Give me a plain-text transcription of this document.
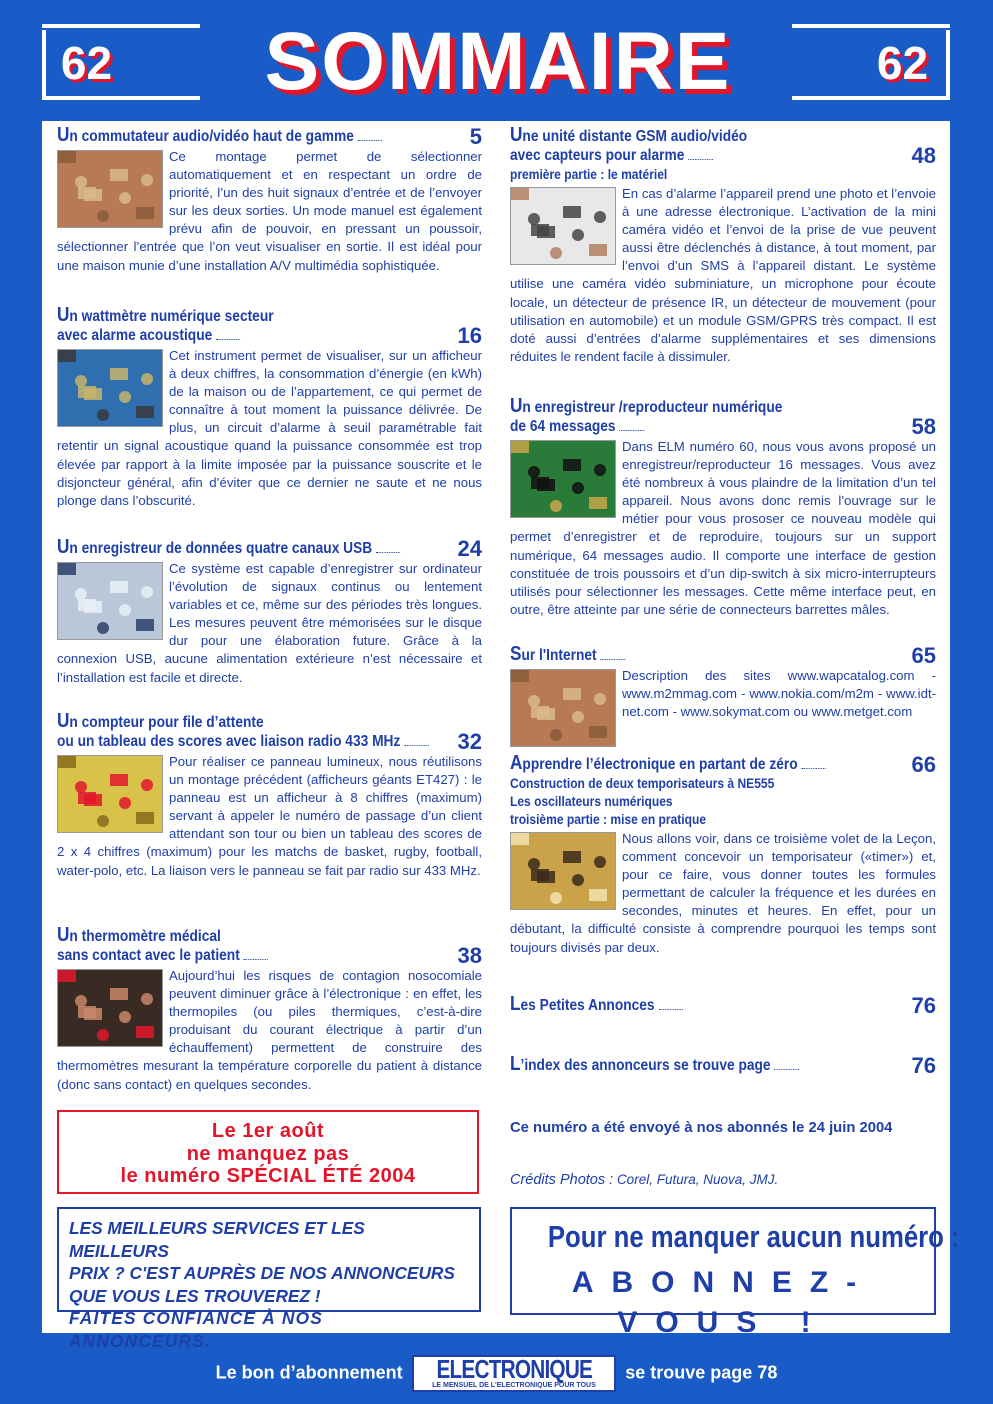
62	SOMMAIRE	62
Le 1er août
ne manquez pas
le numéro SPÉCIAL ÉTÉ 2004
LES MEILLEURS SERVICES ET LES MEILLEURS
PRIX ? C'EST AUPRÈS DE NOS ANNONCEURS
QUE VOUS LES TROUVEREZ !
FAITES CONFIANCE À NOS ANNONCEURS.
Ce numéro a été envoyé à nos abonnés le 24 juin 2004
Crédits Photos : Corel, Futura, Nuova, JMJ.
Pour ne manquer aucun numéro :
ABONNEZ-VOUS !
Le bon d’abonnement ELECTRONIQUE
LE MENSUEL DE L'ELECTRONIQUE POUR TOUS
se trouve page 78
5
Un commutateur audio/vidéo haut de gamme
Ce montage permet de sélectionner automatiquement et en respectant un ordre de priorité, l’un des huit signaux d’entrée et de l’envoyer sur les deux sorties. Un mode manuel est également prévu afin de pouvoir, en pressant un poussoir, sélectionner l’entrée que l’on veut visualiser en sortie. Il est idéal pour une maison munie d’une installation A/V multimédia sophistiquée.
16
Un wattmètre numérique secteur
avec alarme acoustique
Cet instrument permet de visualiser, sur un afficheur à deux chiffres, la consommation d’énergie (en kWh) de la maison ou de l’appartement, ce qui permet de connaître à tout moment la puissance délivrée. De plus, un circuit d’alarme à seuil paramétrable fait retentir un signal acoustique quand la puissance consommée est trop élevée par rapport à la limite imposée par la puissance souscrite et le disjoncteur général, afin d’éviter que ce dernier ne saute et ne nous plonge dans l’obscurité.
24
Un enregistreur de données quatre canaux USB
Ce système est capable d’enregistrer sur ordinateur l’évolution de signaux continus ou lentement variables et ce, même sur des périodes très longues. Les mesures peuvent être mémorisées sur le disque dur pour une élaboration future. Grâce à la connexion USB, aucune alimentation extérieure n’est nécessaire et l’installation est facile et directe.
32
Un compteur pour file d’attente
ou un tableau des scores avec liaison radio 433 MHz
Pour réaliser ce panneau lumineux, nous réutilisons un montage précédent (afficheurs géants ET427) : le panneau est un afficheur à 8 chiffres (maximum) servant à appeler le numéro de passage d’un client attendant son tour ou bien un tableau des scores de 2 x 4 chiffres (maximum) pour les matchs de basket, rugby, football, water-polo, etc. La liaison vers le panneau se fait par radio sur 433 MHz.
38
Un thermomètre médical
sans contact avec le patient
Aujourd’hui les risques de contagion nosocomiale peuvent diminuer grâce à l’électronique : en effet, les thermopiles (ou piles thermiques, c’est-à-dire produisant du courant électrique à partir d’un échauffement) permettent de construire des thermomètres mesurant la température corporelle du patient à distance (donc sans contact) en quelques secondes.
48
Une unité distante GSM audio/vidéo
avec capteurs pour alarme
première partie : le matériel
En cas d’alarme l’appareil prend une photo et l’envoie à une adresse électronique. L’activation de la mini caméra vidéo et l’envoi de la prise de vue peuvent aussi être déclenchés à distance, à tout moment, par l’envoi d’un SMS à l’appareil distant. Le système utilise une caméra vidéo subminiature, un microphone pour écoute locale, un détecteur de présence IR, un détecteur de mouvement (pour utilisation en automobile) et un module GSM/GPRS très compact. Il est doté aussi d’entrées d’alarme supplémentaires et ses dimensions réduites le rendent facile à dissimuler.
58
Un enregistreur /reproducteur numérique
de 64 messages
Dans ELM numéro 60, nous vous avons proposé un enregistreur/reproducteur 16 messages. Vous avez été nombreux à vous plaindre de la limitation d’un tel appareil. Nous avons donc remis l’ouvrage sur le métier pour vous prososer ce nouveau modèle qui permet d’enregistrer et de reproduire, toujours sur un support numérique, 64 messages audio. Il comporte une interface de gestion constituée de trois poussoirs et d’un dip-switch à six micro-interrupteurs utilisés pour sélectionner les messages. Cette même interface peut, en outre, être atteinte par une série de connecteurs barrettes mâles.
65
Sur l'Internet
Description des sites www.wapcatalog.com - www.m2mmag.com - www.nokia.com/m2m - www.idt-net.com - www.sokymat.com ou www.metget.com
66
Apprendre l’électronique en partant de zéro
Construction de deux temporisateurs à NE555
Les oscillateurs numériques
troisième partie : mise en pratique
Nous allons voir, dans ce troisième volet de la Leçon, comment concevoir un temporisateur («timer») et, pour ce faire, vous donner toutes les formules permettant de calculer la fréquence et les durées en secondes, minutes et heures. En effet, pour un débutant, la difficulté consiste à comprendre pourquoi les temps sont toujours divisés par deux.
76
Les Petites Annonces
76
L’index des annonceurs se trouve page
